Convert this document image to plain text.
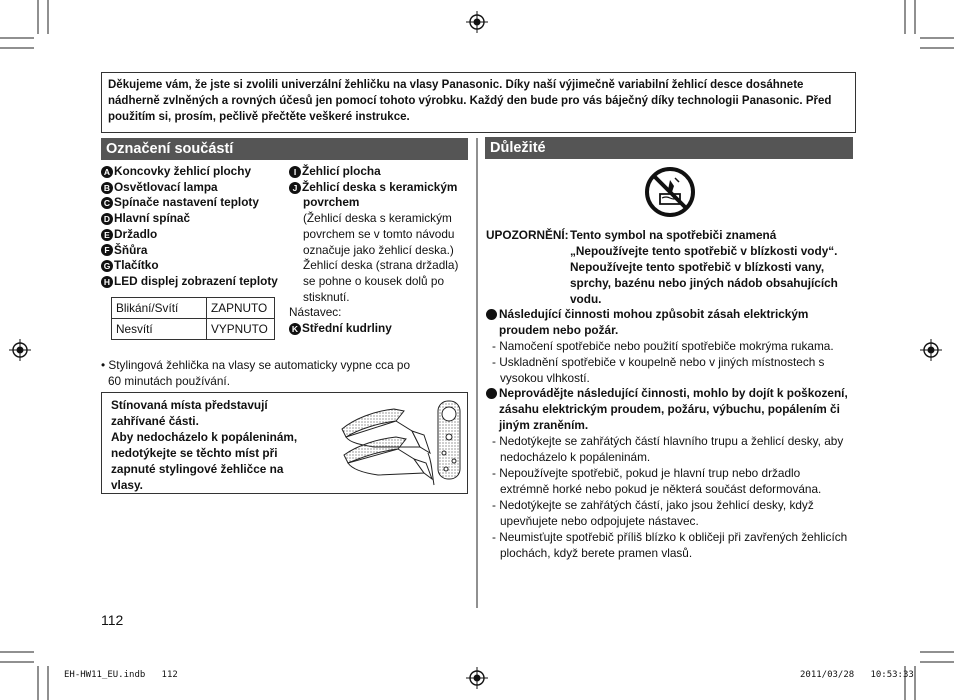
Děkujeme vám, že jste si zvolili univerzální žehličku na vlasy Panasonic. Díky naší výjimečně variabilní žehlicí desce dosáhnete nádherně zvlněných a rovných účesů jen pomocí tohoto výrobku. Každý den bude pro vás báječný díky technologii Panasonic. Před použitím si, prosím, pečlivě přečtěte veškeré instrukce.
Označení součástí
A Koncovky žehlicí plochy
B Osvětlovací lampa
C Spínače nastavení teploty
D Hlavní spínač
E Držadlo
F Šňůra
G Tlačítko
H LED displej zobrazení teploty
I Žehlicí plocha
J Žehlicí deska s keramickým
povrchem
(Žehlicí deska s keramickým
povrchem se v tomto návodu
označuje jako žehlicí deska.)
Žehlicí deska (strana držadla)
se pohne o kousek dolů po
stisknutí.
Nástavec:
K Střední kudrliny
Blikání/Svítí	ZAPNUTO
Nesvítí	VYPNUTO
• Stylingová žehlička na vlasy se automaticky vypne cca po
60 minutách používání.
Stínovaná místa představují
zahřívané části.
Aby nedocházelo k popáleninám,
nedotýkejte se těchto míst při
zapnuté stylingové žehličce na
vlasy.
112
Důležité
UPOZORNĚNÍ: Tento symbol na spotřebiči znamená
„Nepoužívejte tento spotřebič v blízkosti vody“.
Nepoužívejte tento spotřebič v blízkosti vany,
sprchy, bazénu nebo jiných nádob obsahujících
vodu.
Následující činnosti mohou způsobit zásah elektrickým
proudem nebo požár.
- Namočení spotřebiče nebo použití spotřebiče mokrýma rukama.
- Uskladnění spotřebiče v koupelně nebo v jiných místnostech s
vysokou vlhkostí.
Neprovádějte následující činnosti, mohlo by dojít k poškození,
zásahu elektrickým proudem, požáru, výbuchu, popálením či
jiným zraněním.
- Nedotýkejte se zahřátých částí hlavního trupu a žehlicí desky, aby
nedocházelo k popáleninám.
- Nepoužívejte spotřebič, pokud je hlavní trup nebo držadlo
extrémně horké nebo pokud je některá součást deformována.
- Nedotýkejte se zahřátých částí, jako jsou žehlicí desky, když
upevňujete nebo odpojujete nástavec.
- Neumisťujte spotřebič příliš blízko k obličeji při zavřených žehlicích
plochách, když berete pramen vlasů.
EH-HW11_EU.indb   112	2011/03/28   10:53:33
